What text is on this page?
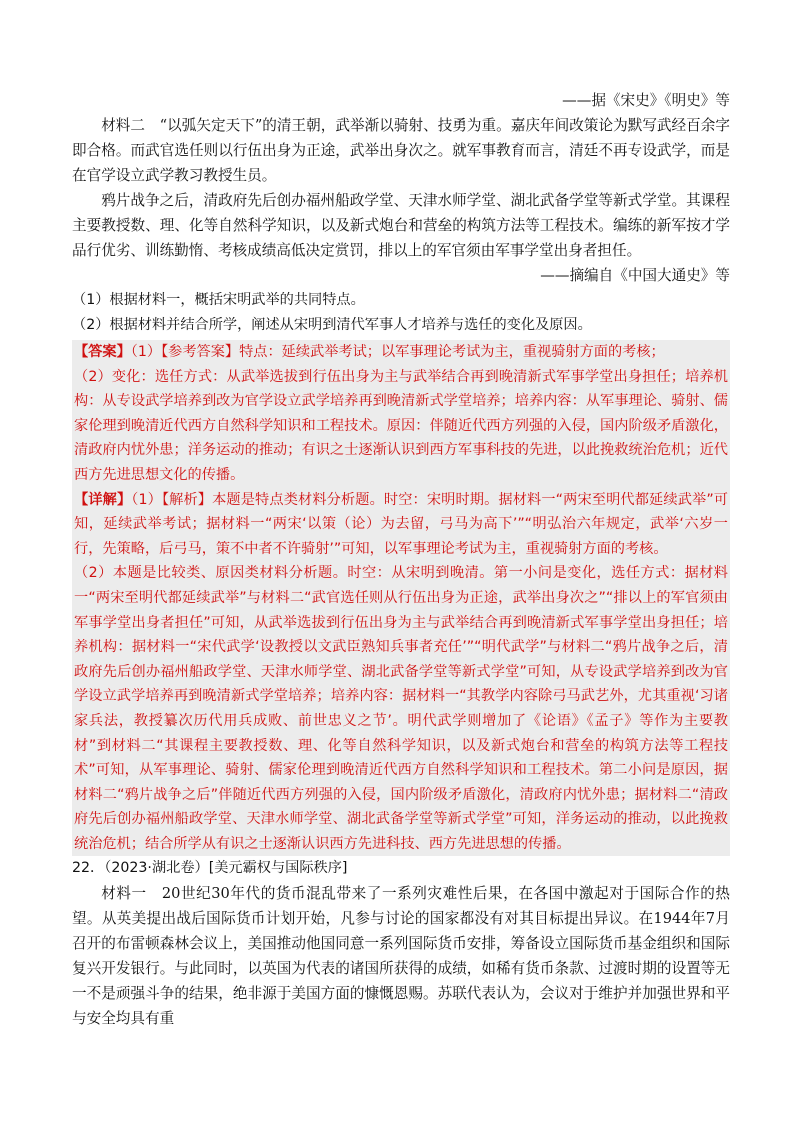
——据《宋史》《明史》等

材料二　“以弧矢定天下”的清王朝，武举渐以骑射、技勇为重。嘉庆年间改策论为默写武经百余字即合格。而武官选任则以行伍出身为正途，武举出身次之。就军事教育而言，清廷不再专设武学，而是在官学设立武学教习教授生员。

鸦片战争之后，清政府先后创办福州船政学堂、天津水师学堂、湖北武备学堂等新式学堂。其课程主要教授数、理、化等自然科学知识，以及新式炮台和营垒的构筑方法等工程技术。编练的新军按才学品行优劣、训练勤惰、考核成绩高低决定赏罚，排以上的军官须由军事学堂出身者担任。

——摘编自《中国大通史》等

（1）根据材料一，概括宋明武举的共同特点。

（2）根据材料并结合所学，阐述从宋明到清代军事人才培养与选任的变化及原因。

【答案】（1）【参考答案】特点：延续武举考试；以军事理论考试为主，重视骑射方面的考核；

（2）变化：选任方式：从武举选拔到行伍出身为主与武举结合再到晚清新式军事学堂出身担任；培养机构：从专设武学培养到改为官学设立武学培养再到晚清新式学堂培养；培养内容：从军事理论、骑射、儒家伦理到晚清近代西方自然科学知识和工程技术。原因：伴随近代西方列强的入侵，国内阶级矛盾激化，清政府内忧外患；洋务运动的推动；有识之士逐渐认识到西方军事科技的先进，以此挽救统治危机；近代西方先进思想文化的传播。

【详解】（1）【解析】本题是特点类材料分析题。时空：宋明时期。据材料一“两宋至明代都延续武举”可知，延续武举考试；据材料一“两宋‘以策（论）为去留，弓马为高下’”“明弘治六年规定，武举‘六岁一行，先策略，后弓马，策不中者不许骑射’”可知，以军事理论考试为主，重视骑射方面的考核。

（2）本题是比较类、原因类材料分析题。时空：从宋明到晚清。第一小问是变化，选任方式：据材料一“两宋至明代都延续武举”与材料二“武官选任则从行伍出身为正途，武举出身次之”“排以上的军官须由军事学堂出身者担任”可知，从武举选拔到行伍出身为主与武举结合再到晚清新式军事学堂出身担任；培养机构：据材料一“宋代武学‘设教授以文武臣熟知兵事者充任’”“明代武学”与材料二“鸦片战争之后，清政府先后创办福州船政学堂、天津水师学堂、湖北武备学堂等新式学堂”可知，从专设武学培养到改为官学设立武学培养再到晚清新式学堂培养；培养内容：据材料一“其教学内容除弓马武艺外，尤其重视‘习诸家兵法，教授纂次历代用兵成败、前世忠义之节’。明代武学则增加了《论语》《孟子》等作为主要教材”到材料二“其课程主要教授数、理、化等自然科学知识，以及新式炮台和营垒的构筑方法等工程技术”可知，从军事理论、骑射、儒家伦理到晚清近代西方自然科学知识和工程技术。第二小问是原因，据材料二“鸦片战争之后”伴随近代西方列强的入侵，国内阶级矛盾激化，清政府内忧外患；据材料二“清政府先后创办福州船政学堂、天津水师学堂、湖北武备学堂等新式学堂”可知，洋务运动的推动，以此挽救统治危机；结合所学从有识之士逐渐认识西方先进科技、西方先进思想的传播。

22．（2023·湖北卷）[美元霸权与国际秩序]

材料一　20世纪30年代的货币混乱带来了一系列灾难性后果，在各国中激起对于国际合作的热望。从英美提出战后国际货币计划开始，凡参与讨论的国家都没有对其目标提出异议。在1944年7月召开的布雷顿森林会议上，美国推动他国同意一系列国际货币安排，筹备设立国际货币基金组织和国际复兴开发银行。与此同时，以英国为代表的诸国所获得的成绩，如稀有货币条款、过渡时期的设置等无一不是顽强斗争的结果，绝非源于美国方面的慷慨恩赐。苏联代表认为，会议对于维护并加强世界和平与安全均具有重
